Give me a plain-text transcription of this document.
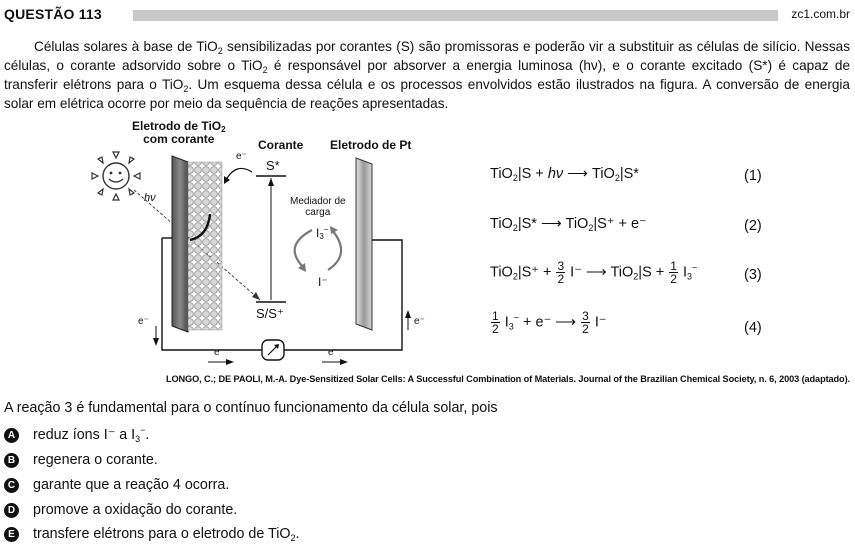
QUESTÃO 113	zc1.com.br

Células solares à base de TiO$_2$ sensibilizadas por corantes (S) são promissoras e poderão vir a substituir as células de silício. Nessas células, o corante adsorvido sobre o TiO$_2$ é responsável por absorver a energia luminosa (hν), e o corante excitado (S*) é capaz de transferir elétrons para o TiO$_2$. Um esquema dessa célula e os processos envolvidos estão ilustrados na figura. A conversão de energia solar em elétrica ocorre por meio da sequência de reações apresentadas.

Eletrodo de TiO2
com corante	Corante Eletrodo de Pt
S*
S/S⁺
e⁻
hν	Mediador de
carga
I3−
I⁻
e⁻	e⁻
e⁻	e⁻
TiO$_2$|S + hν ⟶ TiO$_2$|S*	(1)
TiO$_2$|S* ⟶ TiO$_2$|S⁺ + e⁻	(2)
$TiO_2|S^+ + \frac{3}{2} I^-$ ⟶ $TiO_2|S + \frac{1}{2} I_3^-$	(3)
$\frac{1}{2} I_3^- + e^-$ ⟶ $\frac{3}{2} I^-$	(4)
LONGO, C.; DE PAOLI, M.-A. Dye-Sensitized Solar Cells: A Successful Combination of Materials. Journal of the Brazilian Chemical Society, n. 6, 2003 (adaptado).
A reação 3 é fundamental para o contínuo funcionamento da célula solar, pois
A reduz íons I⁻ a $I_3^-$.
B regenera o corante.
C garante que a reação 4 ocorra.
D promove a oxidação do corante.
E transfere elétrons para o eletrodo de TiO$_2$.
